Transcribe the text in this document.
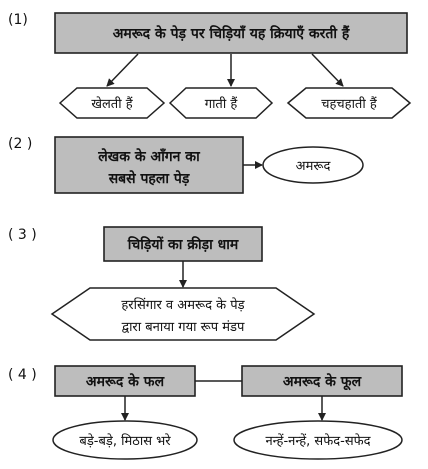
(1)
अमरूद के पेड़ पर चिड़ियाँ यह क्रियाएँ करती हैं
खेलती हैं	गाती हैं	चहचहाती हैं
(2 )
लेखक के आँगन का
सबसे पहला पेड़
अमरूद
( 3 )
चिड़ियों का क्रीड़ा धाम
हरसिंगार व अमरूद के पेड़
द्वारा बनाया गया रूप मंडप
( 4 )	अमरूद के फल	अमरूद के फूल
बड़े-बड़े, मिठास भरे	नन्हें-नन्हें, सफेद-सफेद
